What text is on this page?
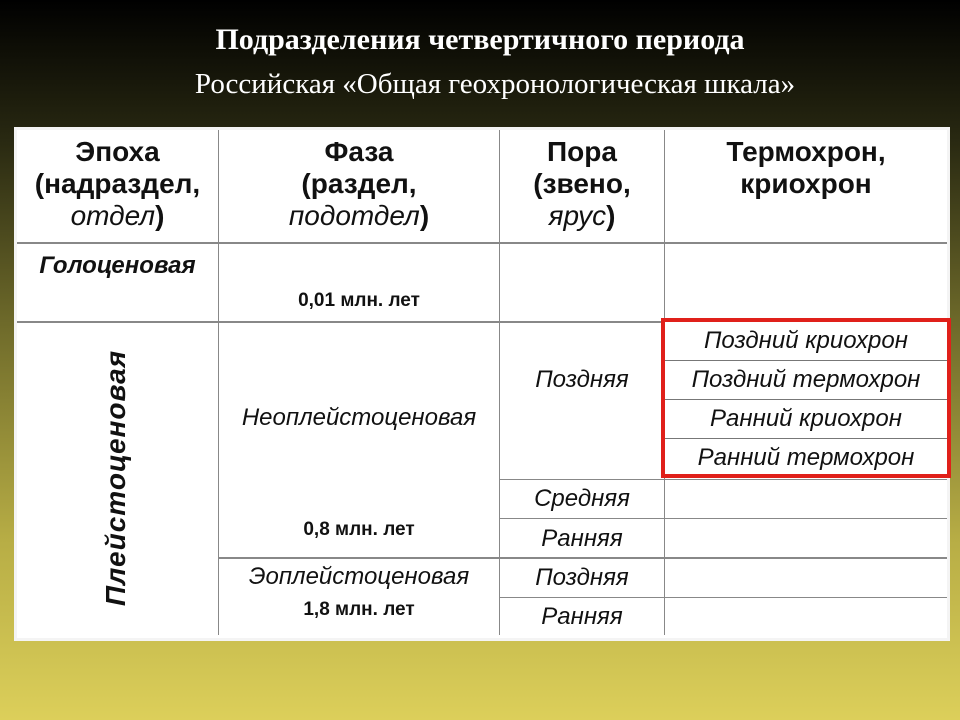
Подразделения четвертичного периода
Российская «Общая геохронологическая шкала»
Эпоха
(надраздел,
отдел)
Фаза
(раздел,
подотдел)
Пора
(звено,
ярус)
Термохрон,
криохрон
Голоценовая
0,01 млн. лет
Плейстоценовая	Неоплейстоценовая
0,8 млн. лет
Поздняя
Средняя
Ранняя
Эоплейстоценовая
1,8 млн. лет
Поздняя
Ранняя
Поздний криохрон
Поздний термохрон
Ранний криохрон
Ранний термохрон
